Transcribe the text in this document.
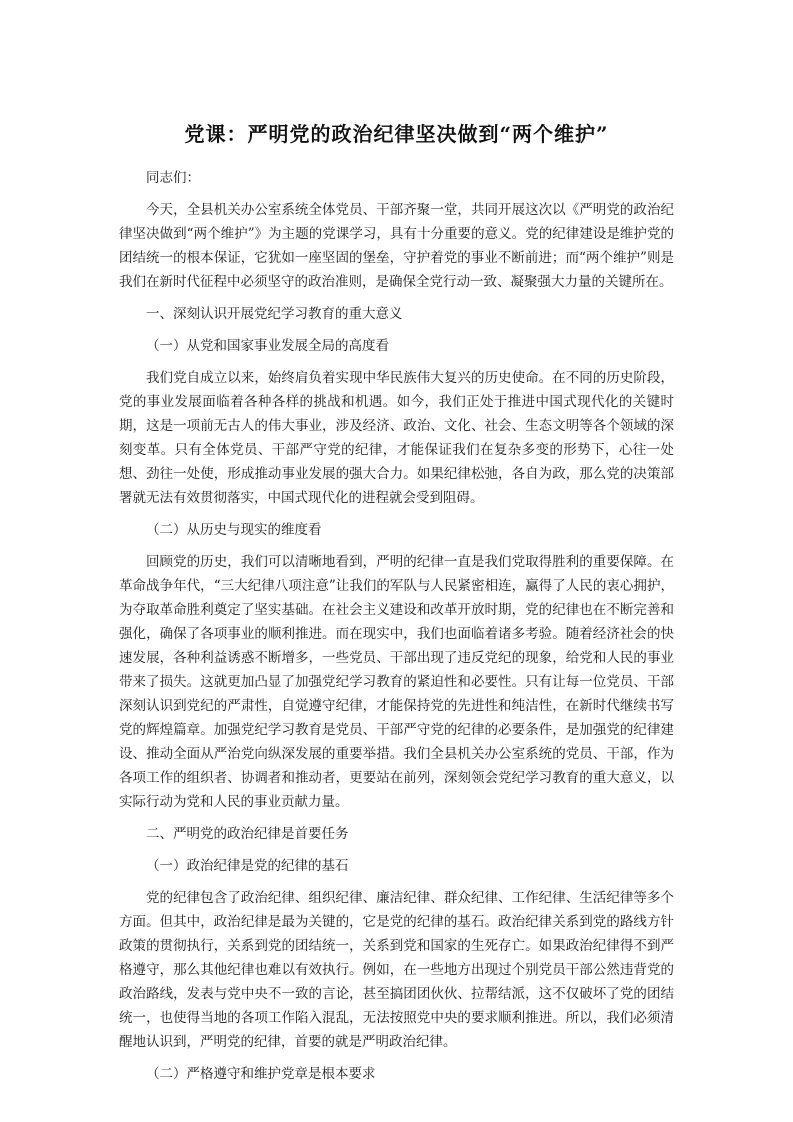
党课：严明党的政治纪律坚决做到“两个维护”

同志们：

今天，全县机关办公室系统全体党员、干部齐聚一堂，共同开展这次以《严明党的政治纪律坚决做到“两个维护”》为主题的党课学习，具有十分重要的意义。党的纪律建设是维护党的团结统一的根本保证，它犹如一座坚固的堡垒，守护着党的事业不断前进；而“两个维护”则是我们在新时代征程中必须坚守的政治准则，是确保全党行动一致、凝聚强大力量的关键所在。

一、深刻认识开展党纪学习教育的重大意义

（一）从党和国家事业发展全局的高度看

我们党自成立以来，始终肩负着实现中华民族伟大复兴的历史使命。在不同的历史阶段，党的事业发展面临着各种各样的挑战和机遇。如今，我们正处于推进中国式现代化的关键时期，这是一项前无古人的伟大事业，涉及经济、政治、文化、社会、生态文明等各个领域的深刻变革。只有全体党员、干部严守党的纪律，才能保证我们在复杂多变的形势下，心往一处想、劲往一处使，形成推动事业发展的强大合力。如果纪律松弛，各自为政，那么党的决策部署就无法有效贯彻落实，中国式现代化的进程就会受到阻碍。

（二）从历史与现实的维度看

回顾党的历史，我们可以清晰地看到，严明的纪律一直是我们党取得胜利的重要保障。在革命战争年代，“三大纪律八项注意”让我们的军队与人民紧密相连，赢得了人民的衷心拥护，为夺取革命胜利奠定了坚实基础。在社会主义建设和改革开放时期，党的纪律也在不断完善和强化，确保了各项事业的顺利推进。而在现实中，我们也面临着诸多考验。随着经济社会的快速发展，各种利益诱惑不断增多，一些党员、干部出现了违反党纪的现象，给党和人民的事业带来了损失。这就更加凸显了加强党纪学习教育的紧迫性和必要性。只有让每一位党员、干部深刻认识到党纪的严肃性，自觉遵守纪律，才能保持党的先进性和纯洁性，在新时代继续书写党的辉煌篇章。加强党纪学习教育是党员、干部严守党的纪律的必要条件，是加强党的纪律建设、推动全面从严治党向纵深发展的重要举措。我们全县机关办公室系统的党员、干部，作为各项工作的组织者、协调者和推动者，更要站在前列，深刻领会党纪学习教育的重大意义，以实际行动为党和人民的事业贡献力量。

二、严明党的政治纪律是首要任务

（一）政治纪律是党的纪律的基石

党的纪律包含了政治纪律、组织纪律、廉洁纪律、群众纪律、工作纪律、生活纪律等多个方面。但其中，政治纪律是最为关键的，它是党的纪律的基石。政治纪律关系到党的路线方针政策的贯彻执行，关系到党的团结统一，关系到党和国家的生死存亡。如果政治纪律得不到严格遵守，那么其他纪律也难以有效执行。例如，在一些地方出现过个别党员干部公然违背党的政治路线，发表与党中央不一致的言论，甚至搞团团伙伙、拉帮结派，这不仅破坏了党的团结统一，也使得当地的各项工作陷入混乱，无法按照党中央的要求顺利推进。所以，我们必须清醒地认识到，严明党的纪律，首要的就是严明政治纪律。

（二）严格遵守和维护党章是根本要求
